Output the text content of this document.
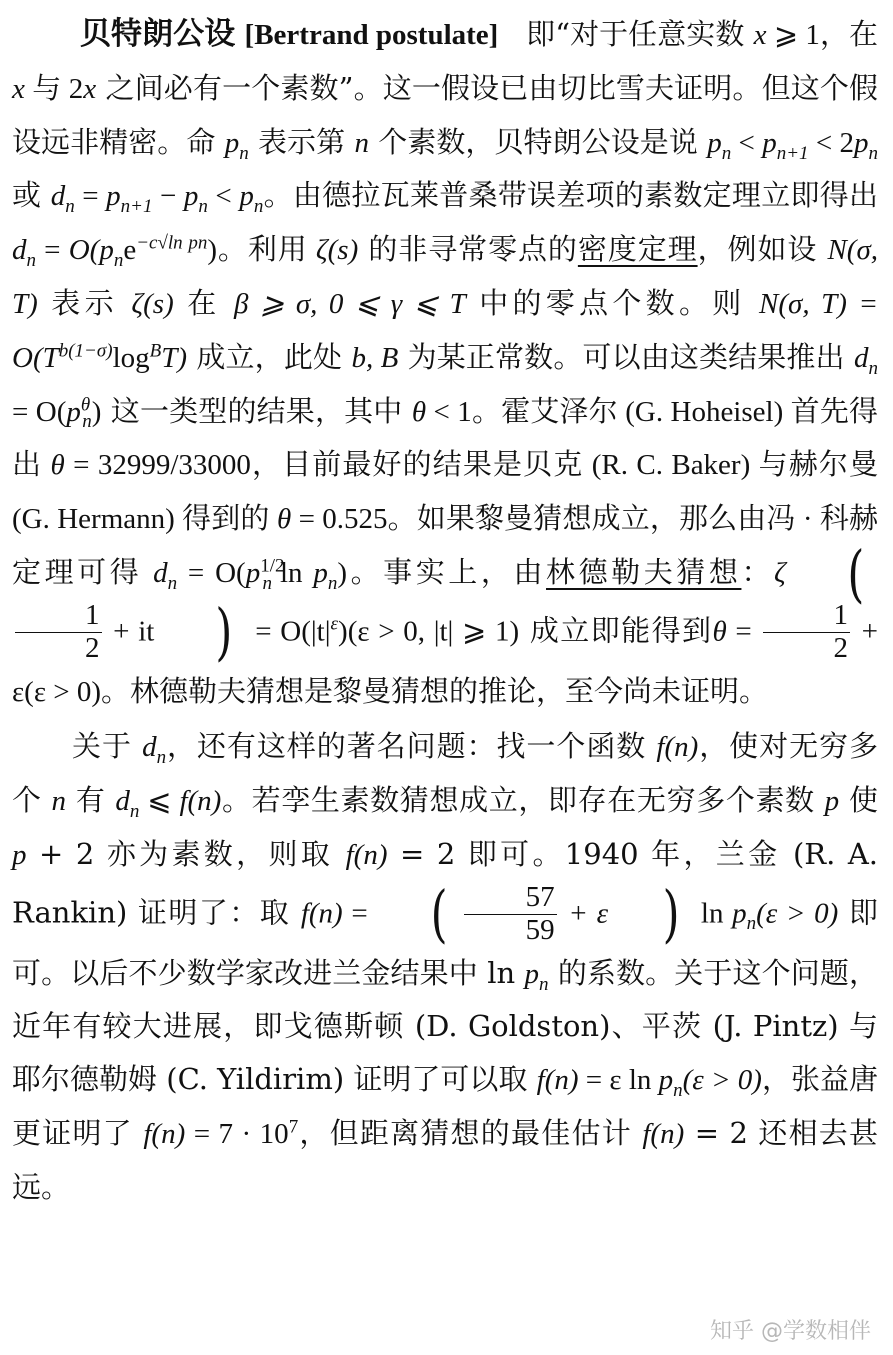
贝特朗公设 [Bertrand postulate] 即“对于任意实数 x ⩾ 1，在 x 与 2x 之间必有一个素数”。这一假设已由切比雪夫证明。但这个假设远非精密。命 $p_n$ 表示第 n 个素数，贝特朗公设是说 $p_n < p_{n+1} < 2p_n$ 或 $d_n = p_{n+1} - p_n < p_n$。由德拉瓦莱普桑带误差项的素数定理立即得出 $d_n = O(p_ne^{-c√ln pn})$。利用 ζ(s) 的非寻常零点的密度定理，例如设 N(σ, T) 表示 ζ(s) 在 β ⩾ σ, 0 ⩽ γ ⩽ T 中的零点个数。则 N(σ, $T) = O(T^{b(1-\sigma)}\log^BT)$ 成立，此处 b, B 为某正常数。可以由这类结果推出 $d_n = O(p^\theta_n)$ 这一类型的结果，其中 θ < 1。霍艾泽尔 (G. Hoheisel) 首先得出 θ = 32999/33000，目前最好的结果是贝克 (R. C. Baker) 与赫尔曼 (G. Hermann) 得到的 θ = 0.525。如果黎曼猜想成立，那么由冯 · 科赫定理可得 $d_n = O(p^{1/2}_n$ $\ln p_n$)。事实上，由林德勒夫猜想：ζ (
$\frac{1}{2}$ + it ) = $O(|t|^\varepsilon)(\varepsilon > 0$, |t| ⩾ 1) 成立即能得到$\theta = \frac{1}{2} + \varepsilon(\varepsilon > 0)$。林德勒夫猜想是黎曼猜想的推论，至今尚未证明。

关于 $d_n$，还有这样的著名问题：找一个函数 f(n)，使对无穷多个 n 有 $d_n$ ⩽ f(n)。若孪生素数猜想成立，即存在无穷多个素数 p 使 p + 2 亦为素数，则取 f(n) = 2 即可。1940 年，兰金 (R. A. Rankin) 证明了：取 f(n) = ( $\frac{57}{59} + \varepsilon$ ) $\ln p_n(\varepsilon > 0)$ 即可。以后不少数学家改进兰金结果中 $\ln p_n$ 的系数。关于这个问题，近年有较大进展，即戈德斯顿 (D. Goldston)、平茨 (J. Pintz) 与耶尔德勒姆 (C. Yildirim) 证明了可以取 f(n) = ε $\ln p_n(\varepsilon > 0)$，张益唐更证明了 $f(n) = 7 \cdot 10^7$，但距离猜想的最佳估计 f(n) = 2 还相去甚远。

知乎 @学数相伴
